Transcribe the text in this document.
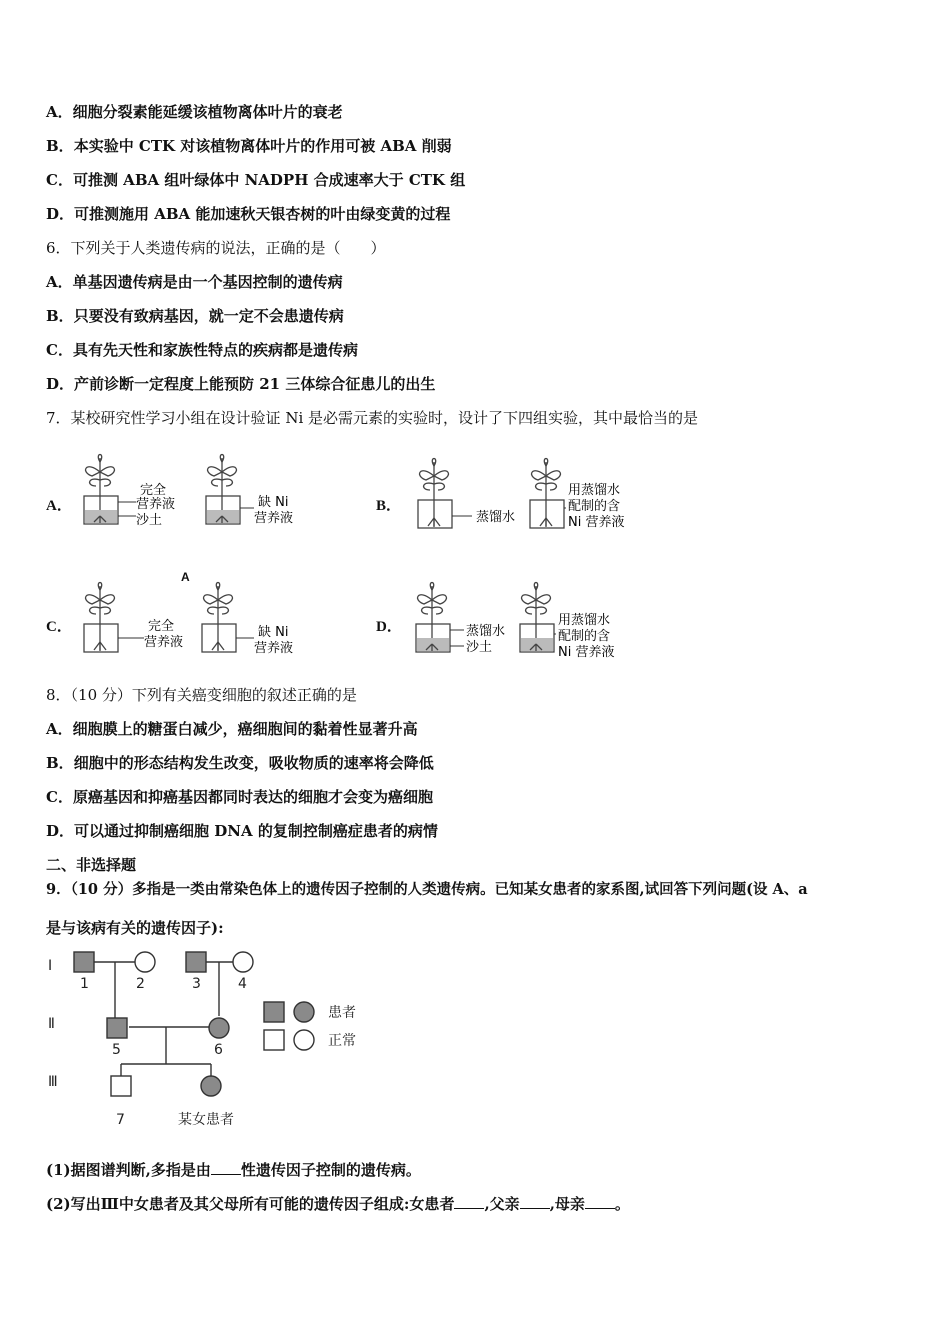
A．细胞分裂素能延缓该植物离体叶片的衰老
B．本实验中 CTK 对该植物离体叶片的作用可被 ABA 削弱
C．可推测 ABA 组叶绿体中 NADPH 合成速率大于 CTK 组
D．可推测施用 ABA 能加速秋天银杏树的叶由绿变黄的过程
6．下列关于人类遗传病的说法，正确的是（　　）
A．单基因遗传病是由一个基因控制的遗传病
B．只要没有致病基因，就一定不会患遗传病
C．具有先天性和家族性特点的疾病都是遗传病
D．产前诊断一定程度上能预防 21 三体综合征患儿的出生
7．某校研究性学习小组在设计验证 Ni 是必需元素的实验时，设计了下四组实验，其中最恰当的是
A．
完全
营养液
沙土
缺 Ni
营养液
B．
蒸馏水
用蒸馏水
配制的含
Ni 营养液
A
C．	完全
营养液
缺 Ni
营养液
D．	蒸馏水
沙土
用蒸馏水
配制的含
Ni 营养液
8．（10 分）下列有关癌变细胞的叙述正确的是
A．细胞膜上的糖蛋白减少，癌细胞间的黏着性显著升高
B．细胞中的形态结构发生改变，吸收物质的速率将会降低
C．原癌基因和抑癌基因都同时表达的细胞才会变为癌细胞
D．可以通过抑制癌细胞 DNA 的复制控制癌症患者的病情
二、非选择题
9．（10 分）多指是一类由常染色体上的遗传因子控制的人类遗传病。已知某女患者的家系图,试回答下列问题(设 A、a
是与该病有关的遗传因子):
Ⅰ
Ⅱ
Ⅲ
1	2	3	4
5	6
7	某女患者
患者
正常
(1)据图谱判断,多指是由 性遗传因子控制的遗传病。
(2)写出Ⅲ中女患者及其父母所有可能的遗传因子组成:女患者 ,父亲 ,母亲 。
